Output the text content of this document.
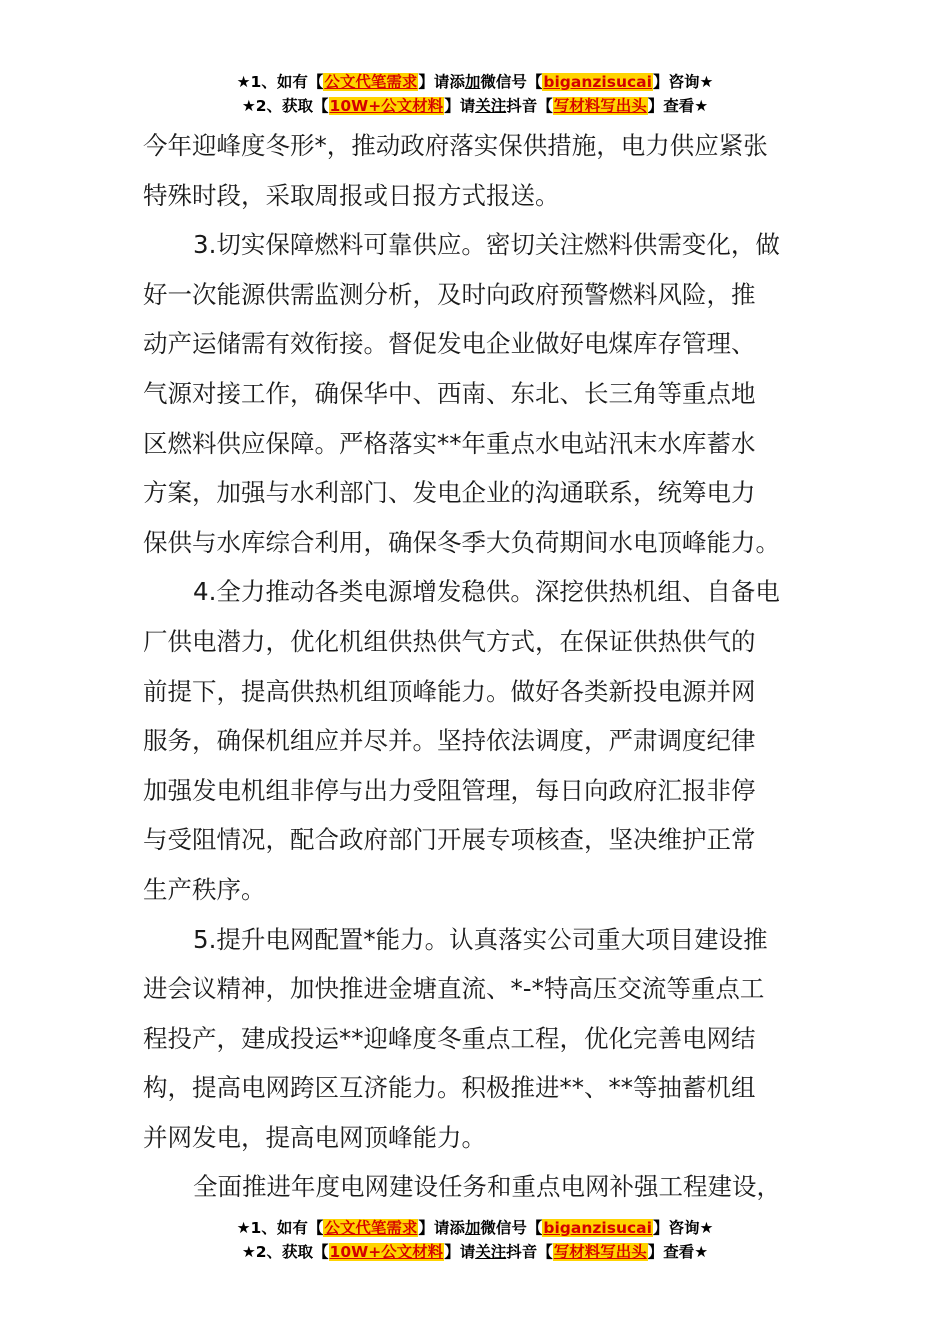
★1、如有【公文代笔需求】请添加微信号【biganzisucai】咨询★
★2、获取【10W+公文材料】请关注抖音【写材料写出头】查看★
今年迎峰度冬形*，推动政府落实保供措施，电力供应紧张
特殊时段，采取周报或日报方式报送。
3.切实保障燃料可靠供应。密切关注燃料供需变化，做
好一次能源供需监测分析，及时向政府预警燃料风险，推
动产运储需有效衔接。督促发电企业做好电煤库存管理、
气源对接工作，确保华中、西南、东北、长三角等重点地
区燃料供应保障。严格落实**年重点水电站汛末水库蓄水
方案，加强与水利部门、发电企业的沟通联系，统筹电力
保供与水库综合利用，确保冬季大负荷期间水电顶峰能力。
4.全力推动各类电源增发稳供。深挖供热机组、自备电
厂供电潜力，优化机组供热供气方式，在保证供热供气的
前提下，提高供热机组顶峰能力。做好各类新投电源并网
服务，确保机组应并尽并。坚持依法调度，严肃调度纪律
加强发电机组非停与出力受阻管理，每日向政府汇报非停
与受阻情况，配合政府部门开展专项核查，坚决维护正常
生产秩序。
5.提升电网配置*能力。认真落实公司重大项目建设推
进会议精神，加快推进金塘直流、*-*特高压交流等重点工
程投产，建成投运**迎峰度冬重点工程，优化完善电网结
构，提高电网跨区互济能力。积极推进**、**等抽蓄机组
并网发电，提高电网顶峰能力。
全面推进年度电网建设任务和重点电网补强工程建设，
★1、如有【公文代笔需求】请添加微信号【biganzisucai】咨询★
★2、获取【10W+公文材料】请关注抖音【写材料写出头】查看★
